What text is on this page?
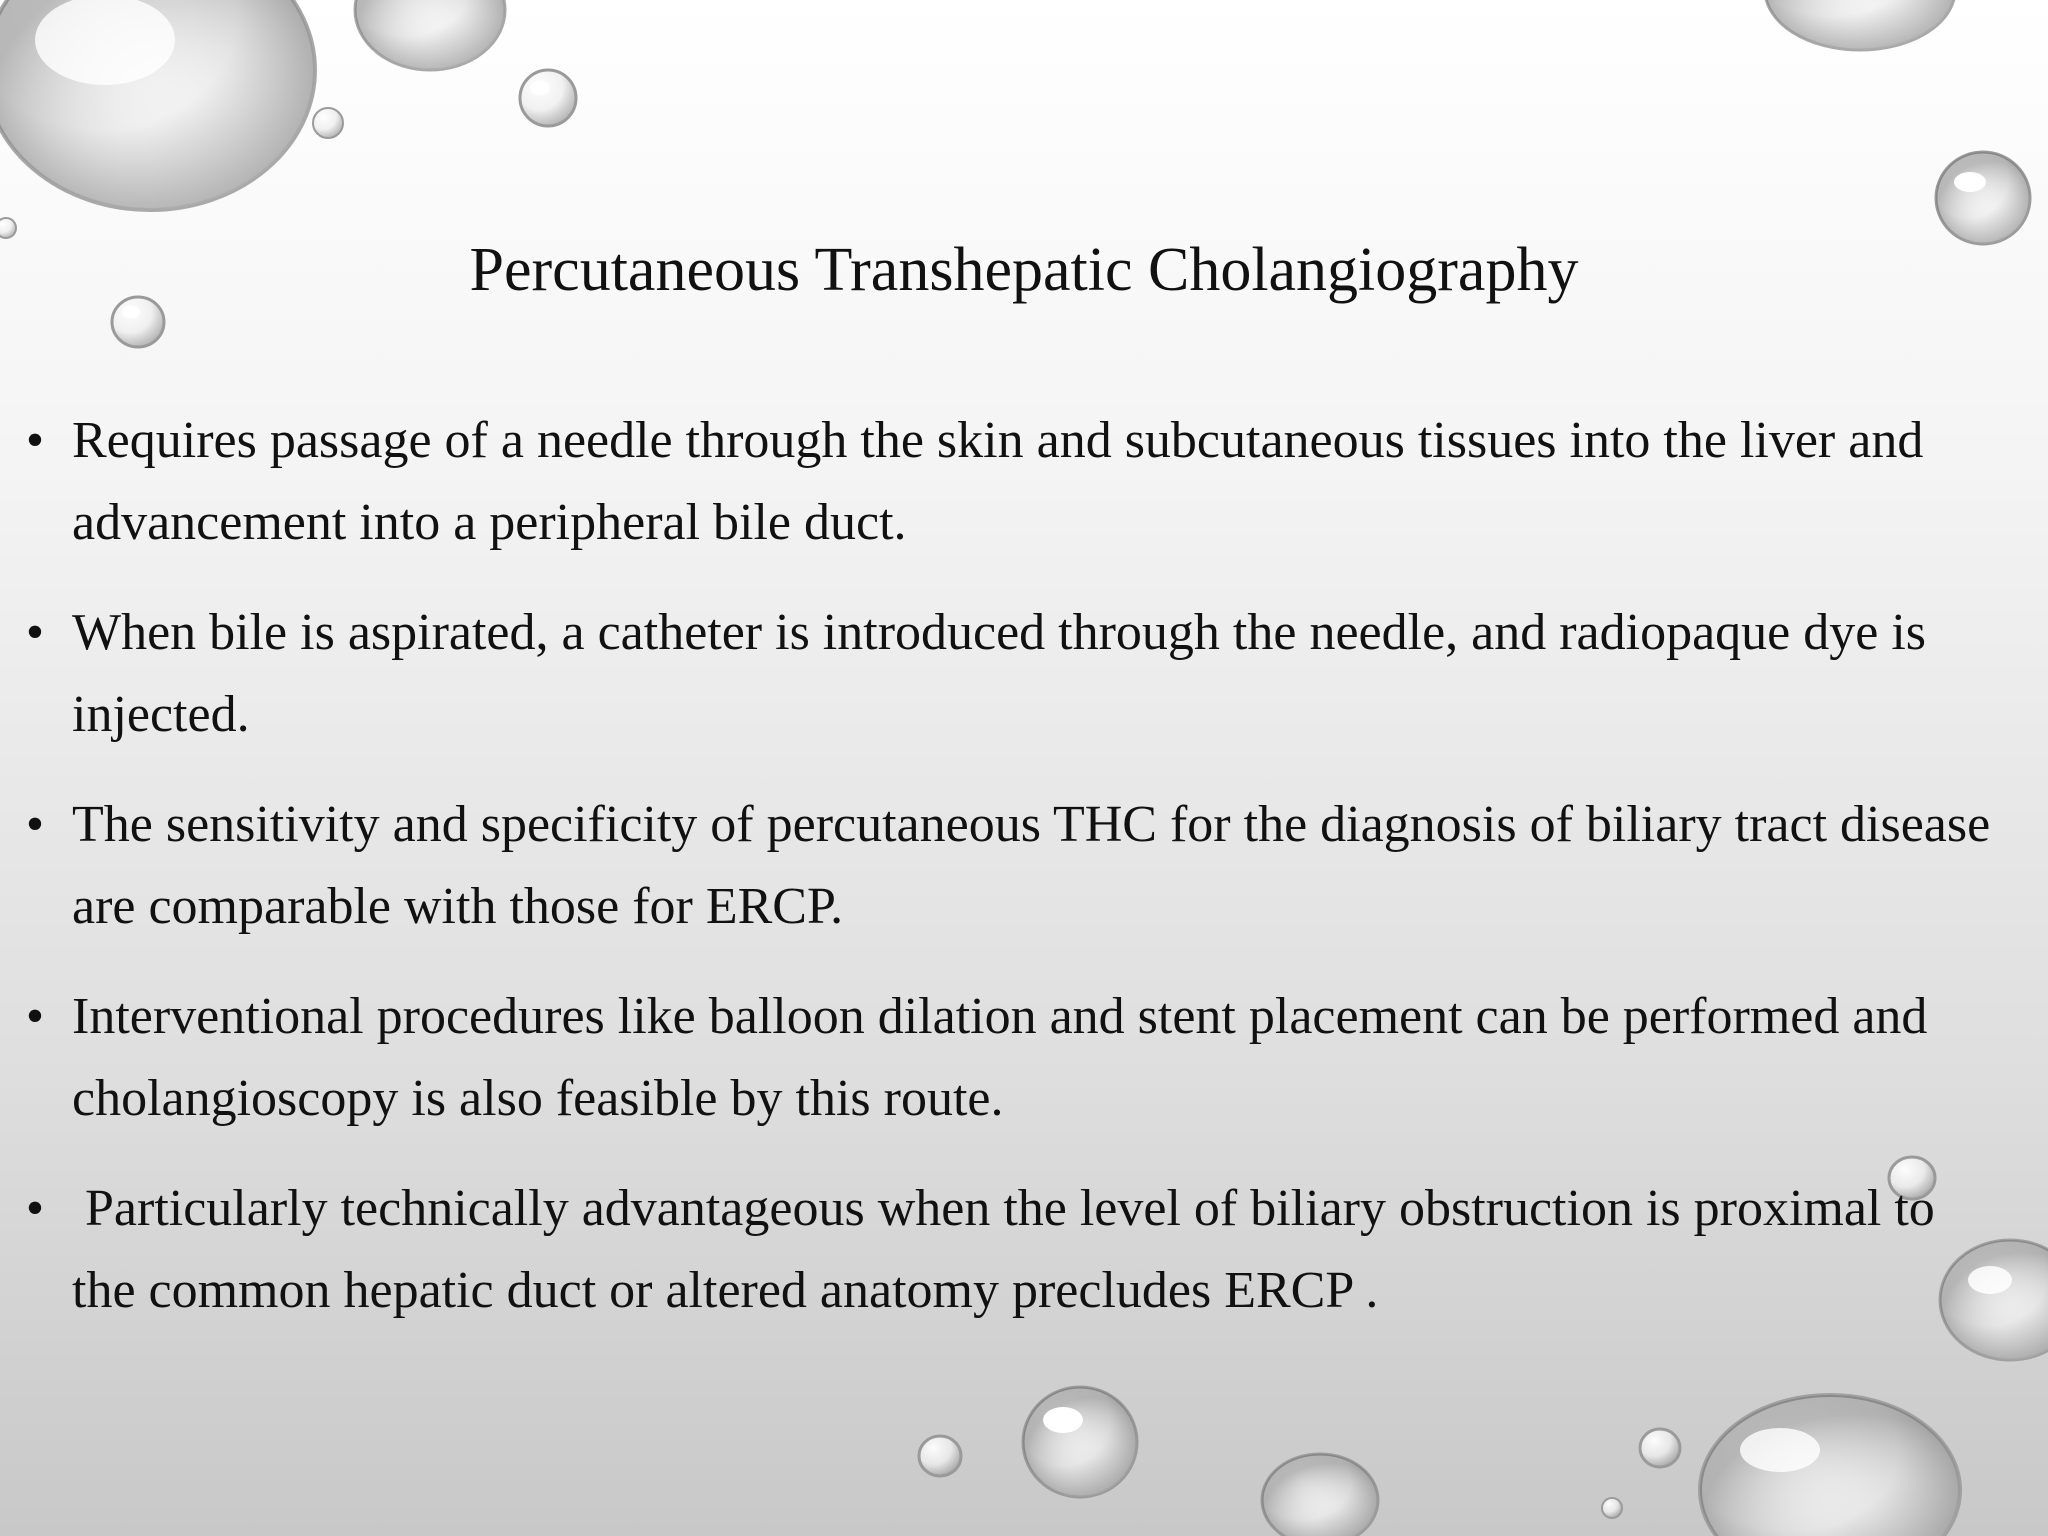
Percutaneous Transhepatic Cholangiography
• Requires passage of a needle through the skin and subcutaneous tissues into the liver and advancement into a peripheral bile duct.
• When bile is aspirated, a catheter is introduced through the needle, and radiopaque dye is injected.
• The sensitivity and specificity of percutaneous THC for the diagnosis of biliary tract disease are comparable with those for ERCP.
• Interventional procedures like balloon dilation and stent placement can be performed and cholangioscopy is also feasible by this route.
• Particularly technically advantageous when the level of biliary obstruction is proximal to the common hepatic duct or altered anatomy precludes ERCP .
